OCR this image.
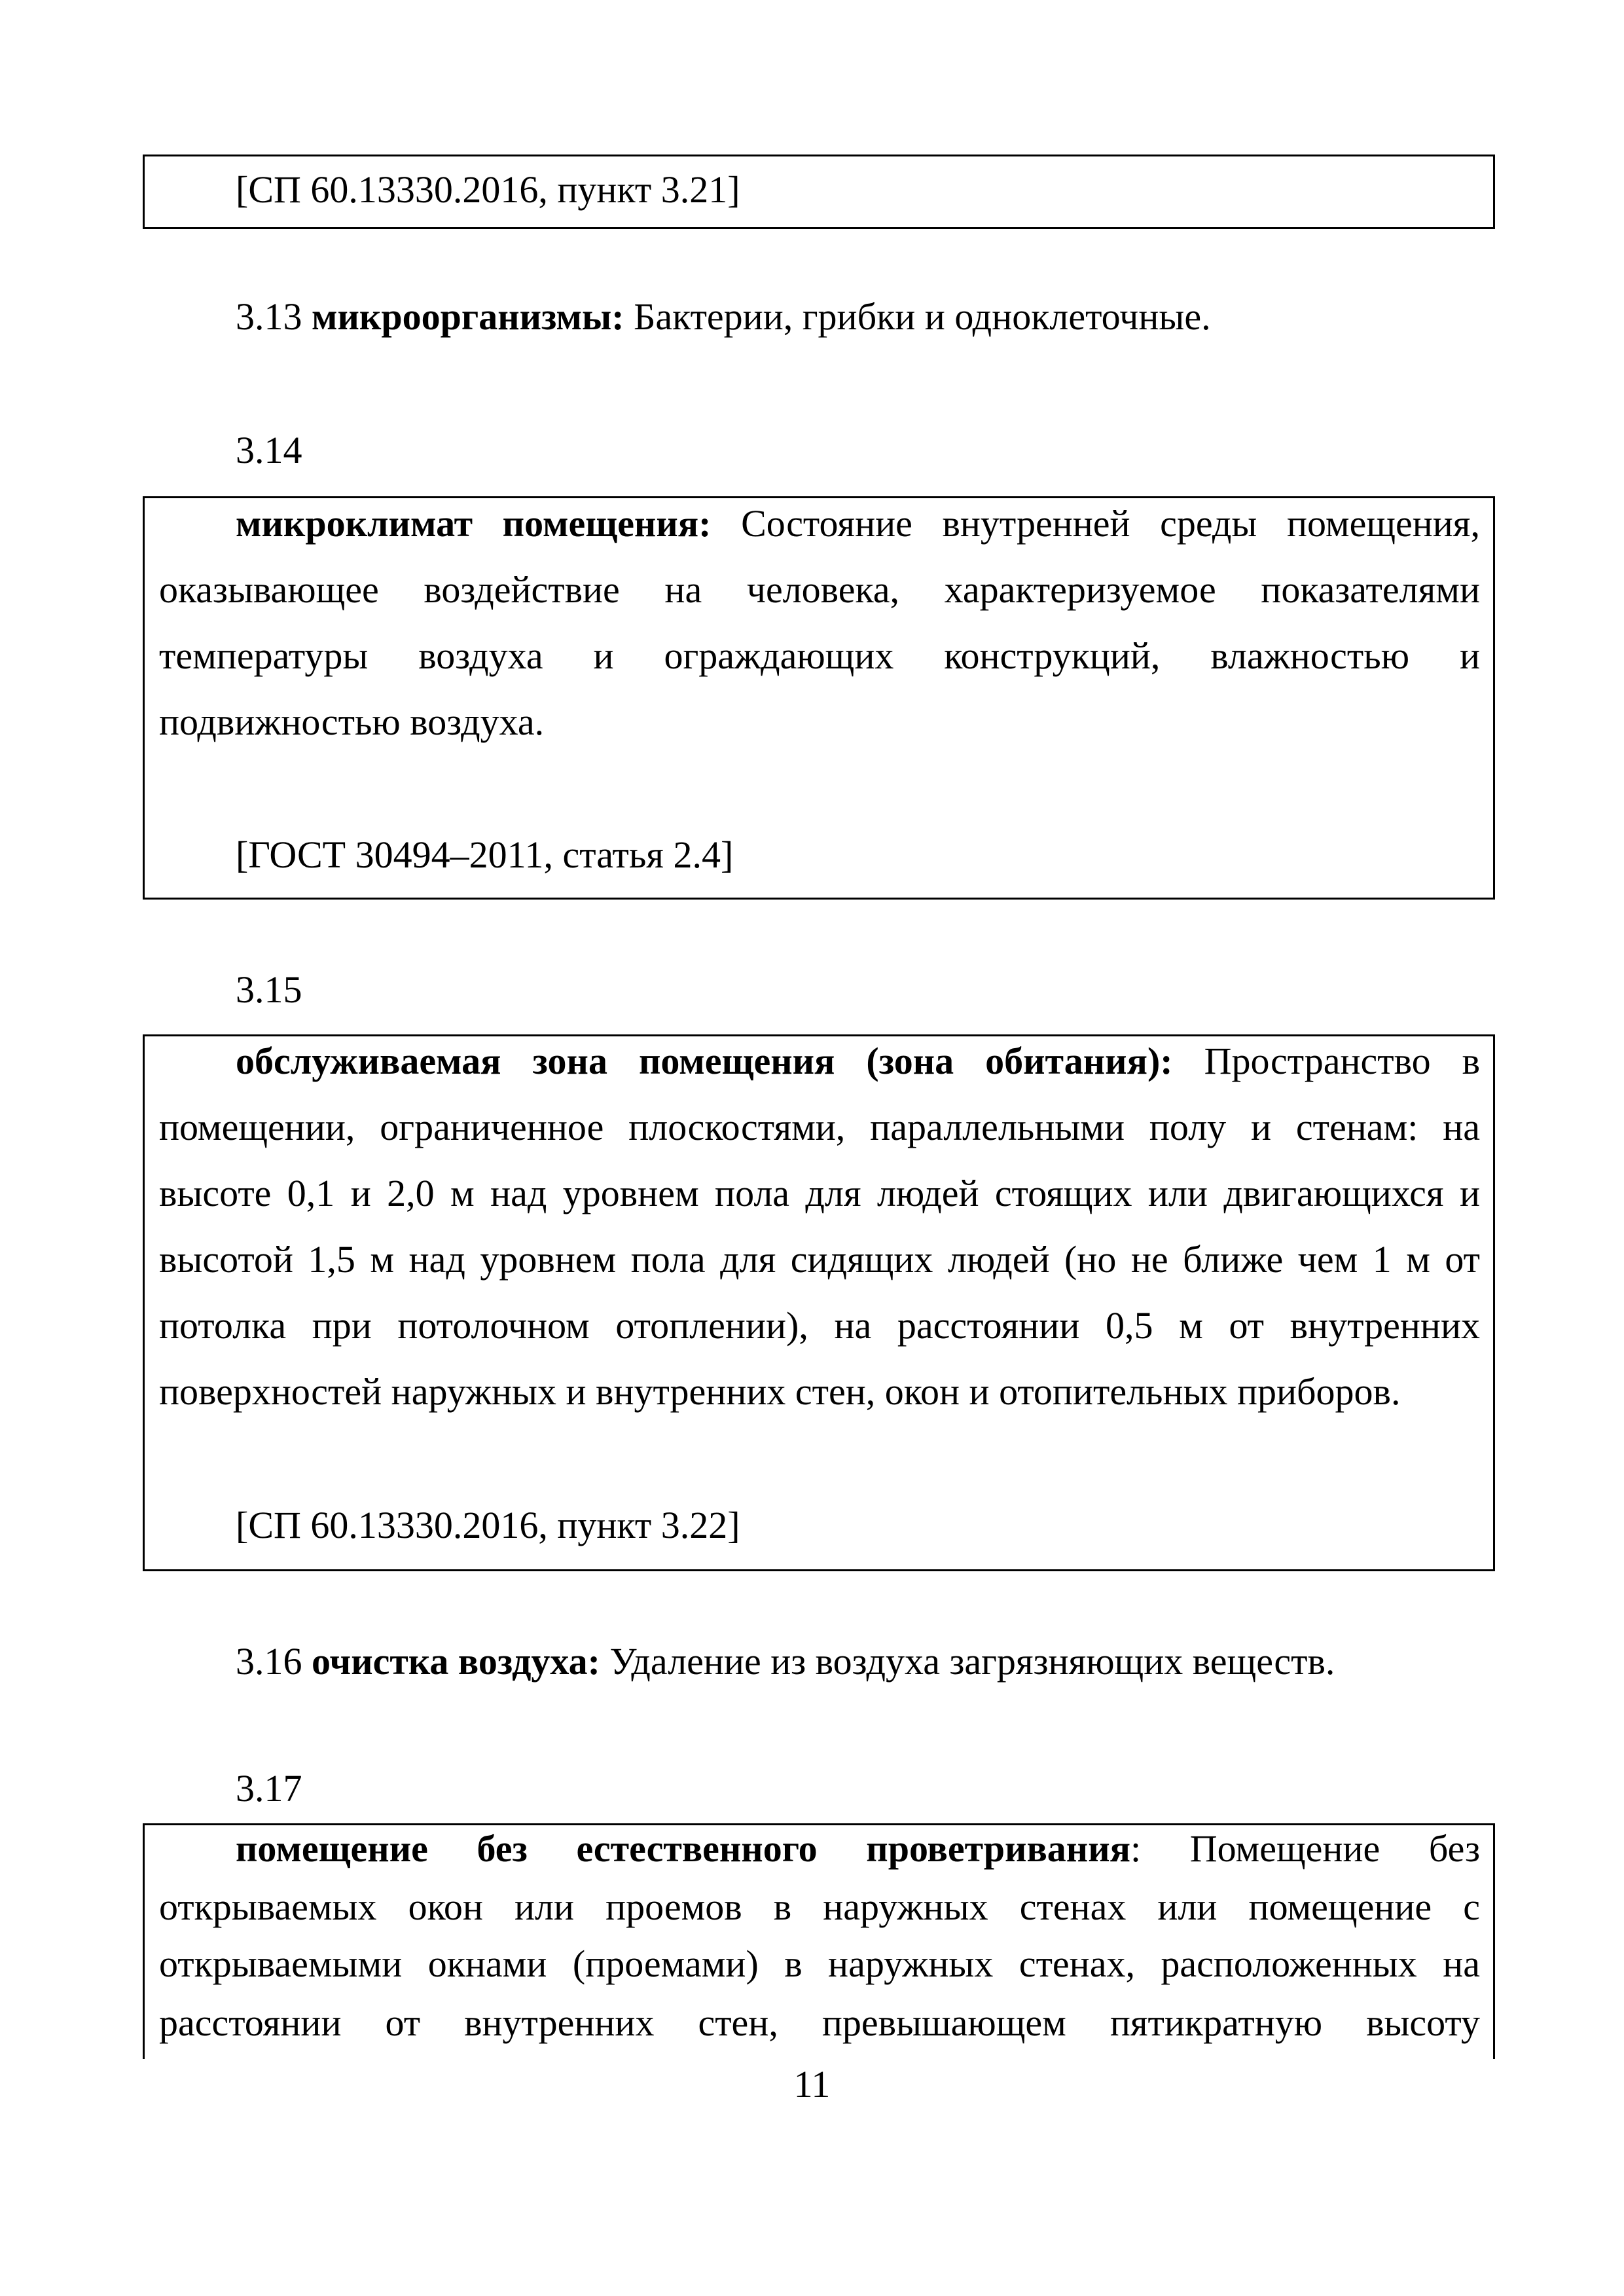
[СП 60.13330.2016, пункт 3.21]
3.13 микроорганизмы: Бактерии, грибки и одноклеточные.
3.14
микроклимат помещения: Состояние внутренней среды помещения,
оказывающее воздействие на человека, характеризуемое показателями
температуры воздуха и ограждающих конструкций, влажностью и
подвижностью воздуха.
[ГОСТ 30494–2011, статья 2.4]
3.15
обслуживаемая зона помещения (зона обитания): Пространство в
помещении, ограниченное плоскостями, параллельными полу и стенам: на
высоте 0,1 и 2,0 м над уровнем пола для людей стоящих или двигающихся и
высотой 1,5 м над уровнем пола для сидящих людей (но не ближе чем 1 м от
потолка при потолочном отоплении), на расстоянии 0,5 м от внутренних
поверхностей наружных и внутренних стен, окон и отопительных приборов.
[СП 60.13330.2016, пункт 3.22]
3.16 очистка воздуха: Удаление из воздуха загрязняющих веществ.
3.17
помещение без естественного проветривания: Помещение без
открываемых окон или проемов в наружных стенах или помещение с
открываемыми окнами (проемами) в наружных стенах, расположенных на
расстоянии от внутренних стен, превышающем пятикратную высоту
11
